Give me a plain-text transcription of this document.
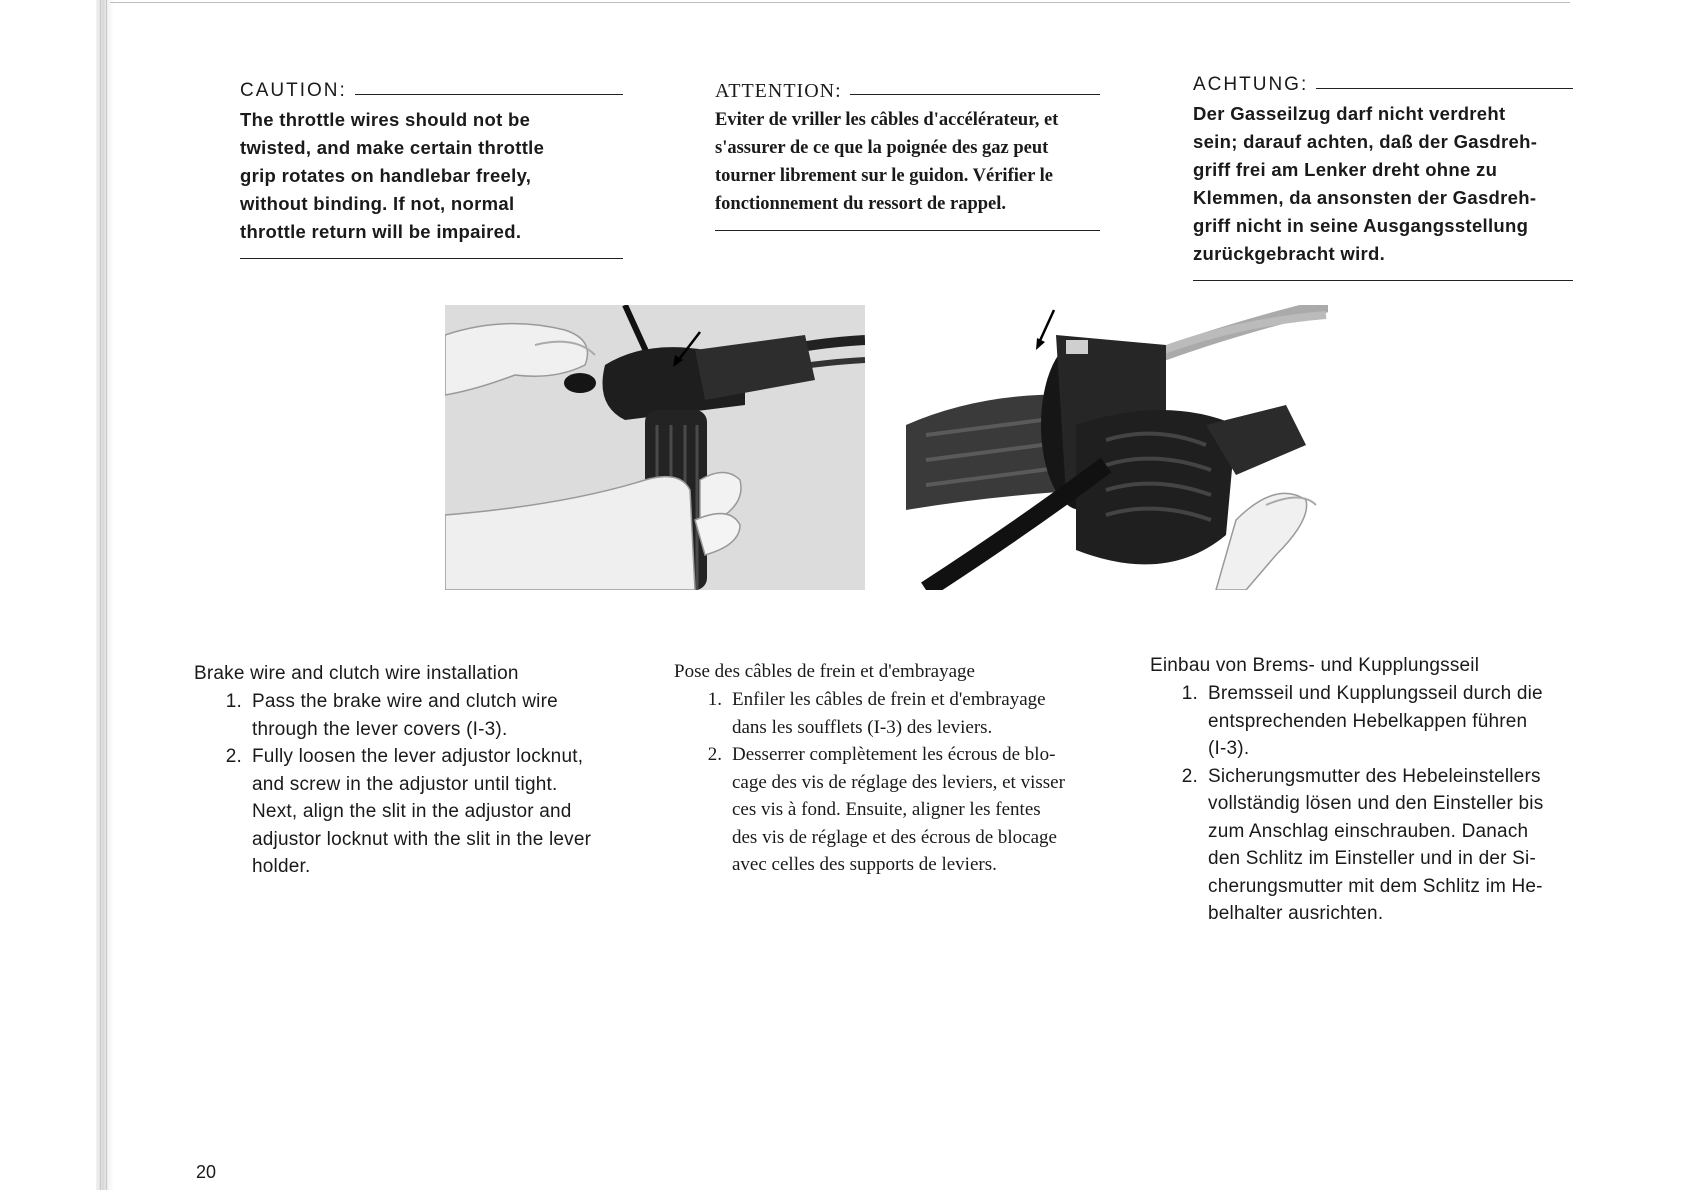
CAUTION:
The throttle wires should not be
twisted, and make certain throttle
grip rotates on handlebar freely,
without binding. If not, normal
throttle return will be impaired.
ATTENTION:
Eviter de vriller les câbles d'accélérateur, et
s'assurer de ce que la poignée des gaz peut
tourner librement sur le guidon. Vérifier le
fonctionnement du ressort de rappel.
ACHTUNG:
Der Gasseilzug darf nicht verdreht
sein; darauf achten, daß der Gasdreh-
griff frei am Lenker dreht ohne zu
Klemmen, da ansonsten der Gasdreh-
griff nicht in seine Ausgangsstellung
zurückgebracht wird.
Brake wire and clutch wire installation
1. Pass the brake wire and clutch wire
through the lever covers (I-3).
2. Fully loosen the lever adjustor locknut,
and screw in the adjustor until tight.
Next, align the slit in the adjustor and
adjustor locknut with the slit in the lever
holder.
Pose des câbles de frein et d'embrayage
1. Enfiler les câbles de frein et d'embrayage
dans les soufflets (I-3) des leviers.
2. Desserrer complètement les écrous de blo-
cage des vis de réglage des leviers, et visser
ces vis à fond. Ensuite, aligner les fentes
des vis de réglage et des écrous de blocage
avec celles des supports de leviers.
Einbau von Brems- und Kupplungsseil
1. Bremsseil und Kupplungsseil durch die
entsprechenden Hebelkappen führen
(I-3).
2. Sicherungsmutter des Hebeleinstellers
vollständig lösen und den Einsteller bis
zum Anschlag einschrauben. Danach
den Schlitz im Einsteller und in der Si-
cherungsmutter mit dem Schlitz im He-
belhalter ausrichten.
20
